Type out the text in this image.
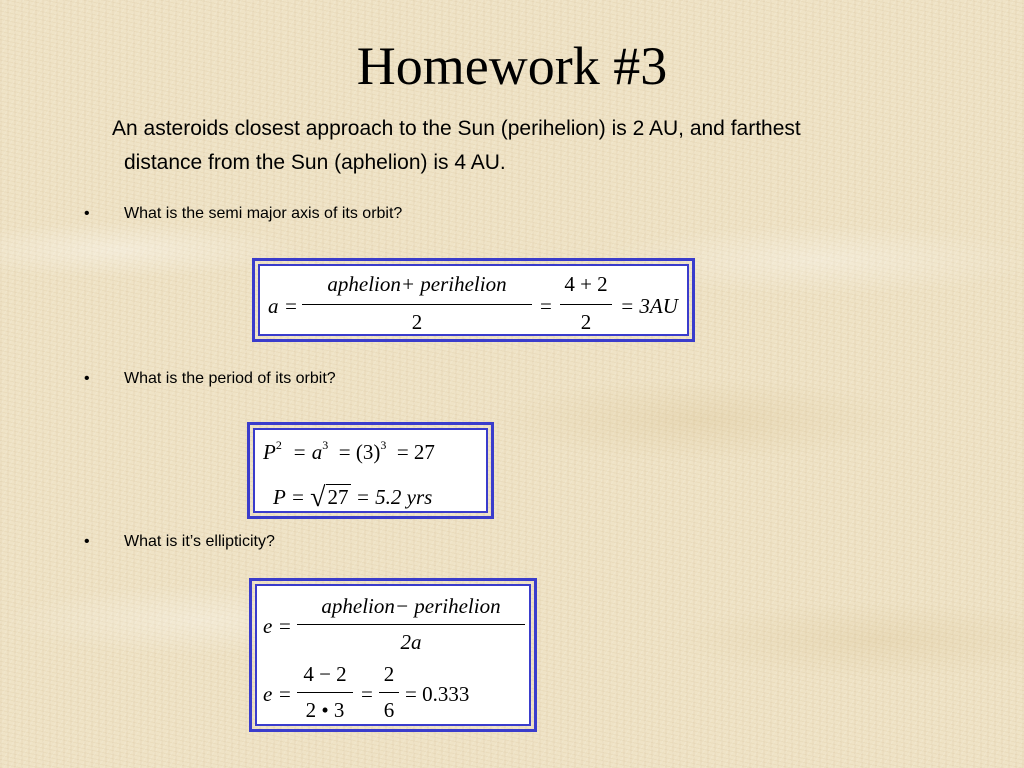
Homework #3
An asteroids closest approach to the Sun (perihelion) is 2 AU, and farthest
distance from the Sun (aphelion) is 4 AU.
• What is the semi major axis of its orbit?
a =
aphelion+ perihelion
2
=
4 + 2
2
= 3AU
• What is the period of its orbit?
$P^2 = a^3 = (3)^3 = 27$
P = √27 = 5.2 yrs
• What is it’s ellipticity?
e =
aphelion− perihelion
2a
e =
4 − 2
2 • 3
=
2
6
= 0.333
